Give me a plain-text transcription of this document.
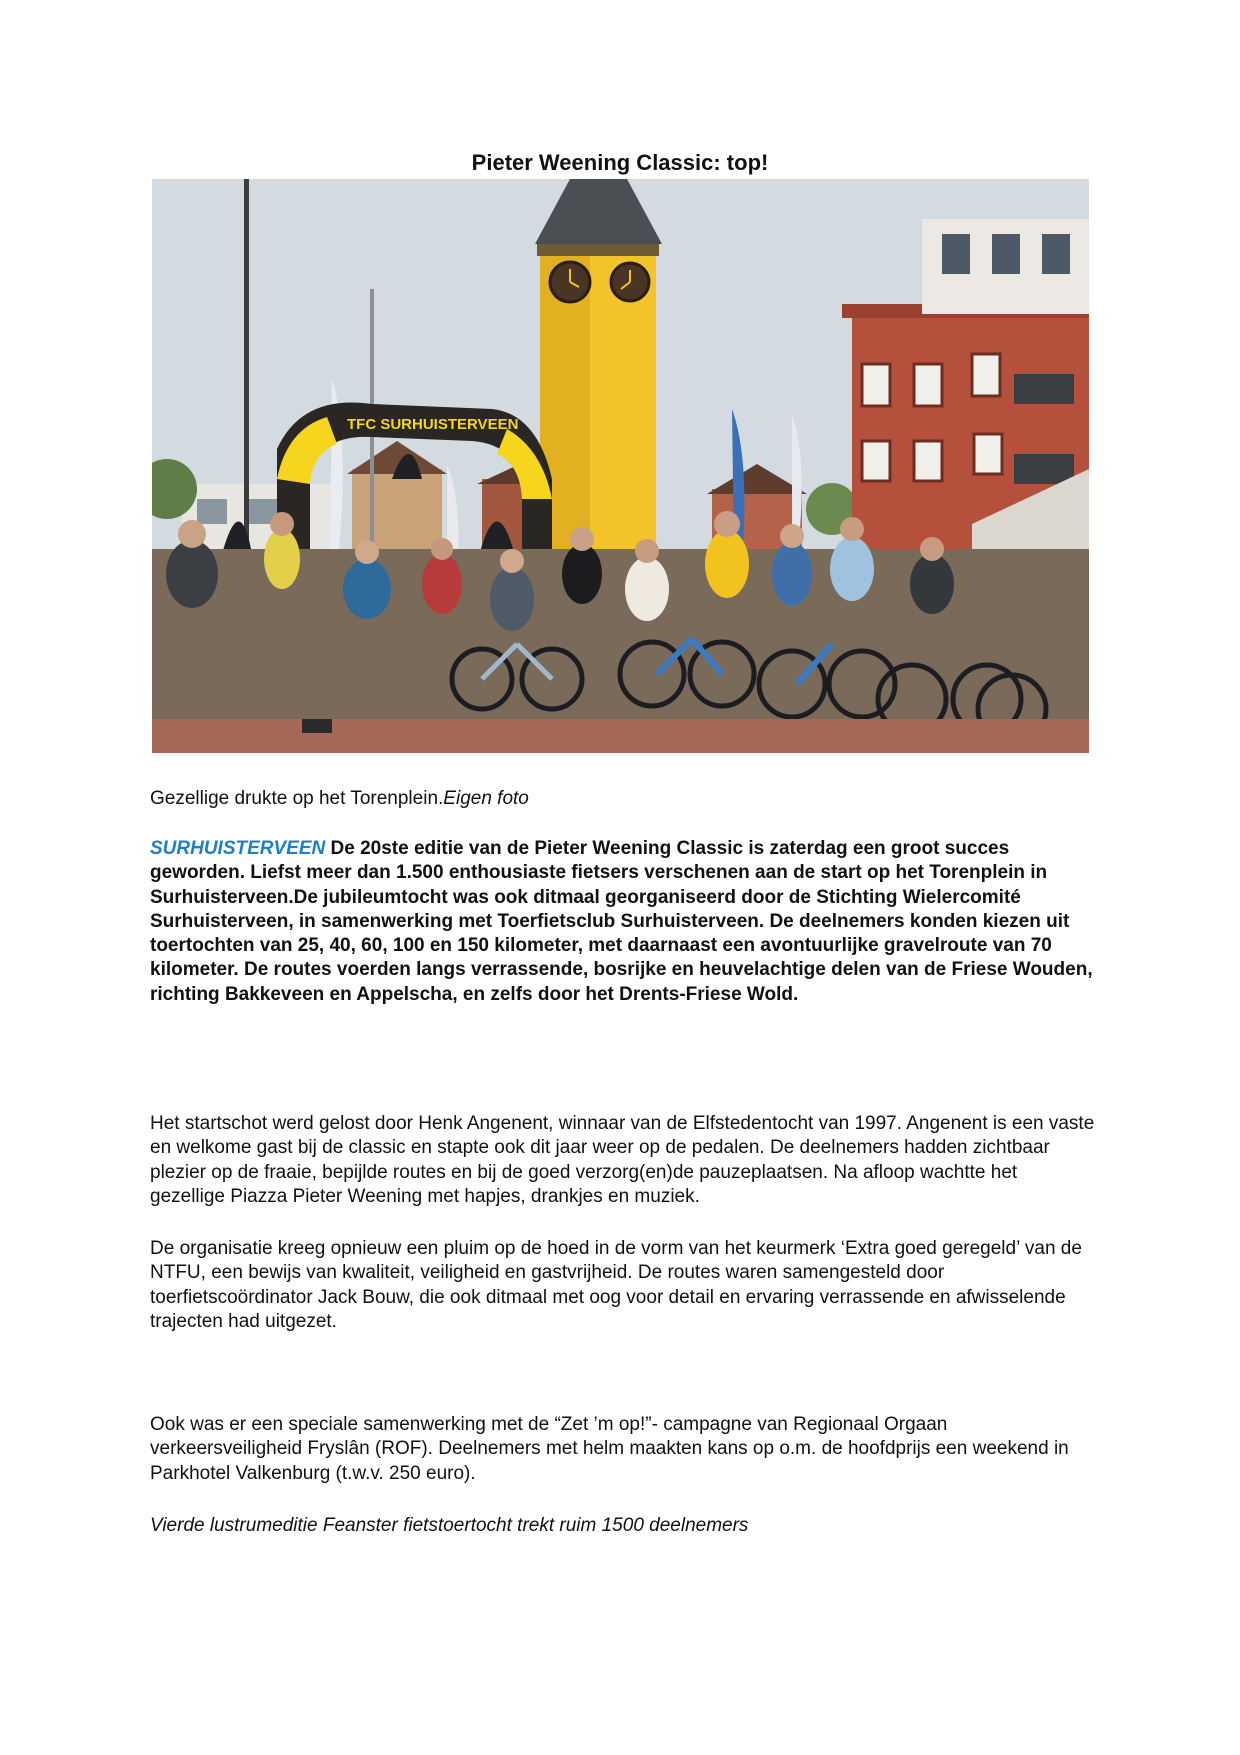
Pieter Weening Classic: top!
TFC SURHUISTERVEEN
Gezellige drukte op het Torenplein.Eigen foto
SURHUISTERVEEN De 20ste editie van de Pieter Weening Classic is zaterdag een groot succes geworden. Liefst meer dan 1.500 enthousiaste fietsers verschenen aan de start op het Torenplein in Surhuisterveen.De jubileumtocht was ook ditmaal georganiseerd door de Stichting Wielercomité Surhuisterveen, in samenwerking met Toerfietsclub Surhuisterveen. De deelnemers konden kiezen uit toertochten van 25, 40, 60, 100 en 150 kilometer, met daarnaast een avontuurlijke gravelroute van 70 kilometer. De routes voerden langs verrassende, bosrijke en heuvelachtige delen van de Friese Wouden, richting Bakkeveen en Appelscha, en zelfs door het Drents-Friese Wold.
Het startschot werd gelost door Henk Angenent, winnaar van de Elfstedentocht van 1997. Angenent is een vaste en welkome gast bij de classic en stapte ook dit jaar weer op de pedalen. De deelnemers hadden zichtbaar plezier op de fraaie, bepijlde routes en bij de goed verzorg(en)de pauzeplaatsen. Na afloop wachtte het gezellige Piazza Pieter Weening met hapjes, drankjes en muziek.
De organisatie kreeg opnieuw een pluim op de hoed in de vorm van het keurmerk ‘Extra goed geregeld’ van de NTFU, een bewijs van kwaliteit, veiligheid en gastvrijheid. De routes waren samengesteld door toerfietscoördinator Jack Bouw, die ook ditmaal met oog voor detail en ervaring verrassende en afwisselende trajecten had uitgezet.
Ook was er een speciale samenwerking met de “Zet ’m op!”- campagne van Regionaal Orgaan verkeersveiligheid Fryslân (ROF). Deelnemers met helm maakten kans op o.m. de hoofdprijs een weekend in Parkhotel Valkenburg (t.w.v. 250 euro).
Vierde lustrumeditie Feanster fietstoertocht trekt ruim 1500 deelnemers
